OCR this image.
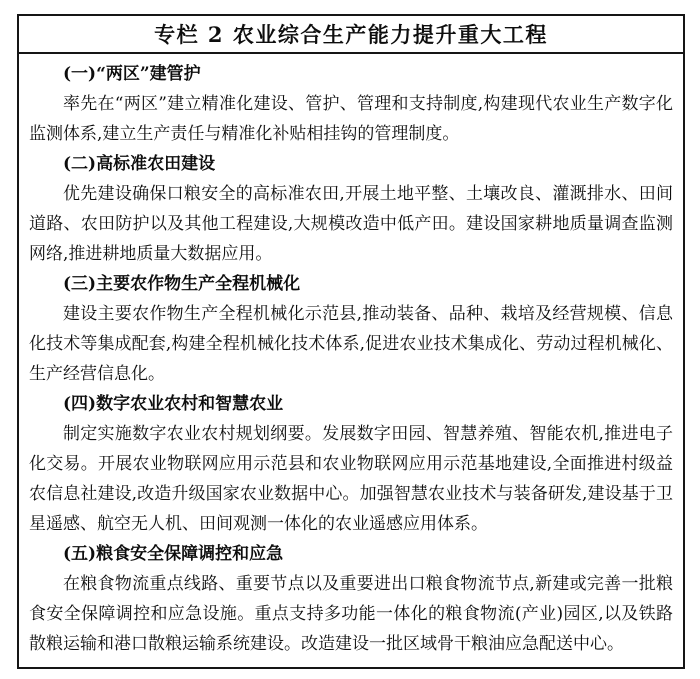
专栏 2 农业综合生产能力提升重大工程

(一)“两区”建管护

率先在“两区”建立精准化建设、管护、管理和支持制度,构建现代农业生产数字化监测体系,建立生产责任与精准化补贴相挂钩的管理制度。

(二)高标准农田建设

优先建设确保口粮安全的高标准农田,开展土地平整、土壤改良、灌溉排水、田间道路、农田防护以及其他工程建设,大规模改造中低产田。建设国家耕地质量调查监测网络,推进耕地质量大数据应用。

(三)主要农作物生产全程机械化

建设主要农作物生产全程机械化示范县,推动装备、品种、栽培及经营规模、信息化技术等集成配套,构建全程机械化技术体系,促进农业技术集成化、劳动过程机械化、生产经营信息化。

(四)数字农业农村和智慧农业

制定实施数字农业农村规划纲要。发展数字田园、智慧养殖、智能农机,推进电子化交易。开展农业物联网应用示范县和农业物联网应用示范基地建设,全面推进村级益农信息社建设,改造升级国家农业数据中心。加强智慧农业技术与装备研发,建设基于卫星遥感、航空无人机、田间观测一体化的农业遥感应用体系。

(五)粮食安全保障调控和应急

在粮食物流重点线路、重要节点以及重要进出口粮食物流节点,新建或完善一批粮食安全保障调控和应急设施。重点支持多功能一体化的粮食物流(产业)园区,以及铁路散粮运输和港口散粮运输系统建设。改造建设一批区域骨干粮油应急配送中心。
